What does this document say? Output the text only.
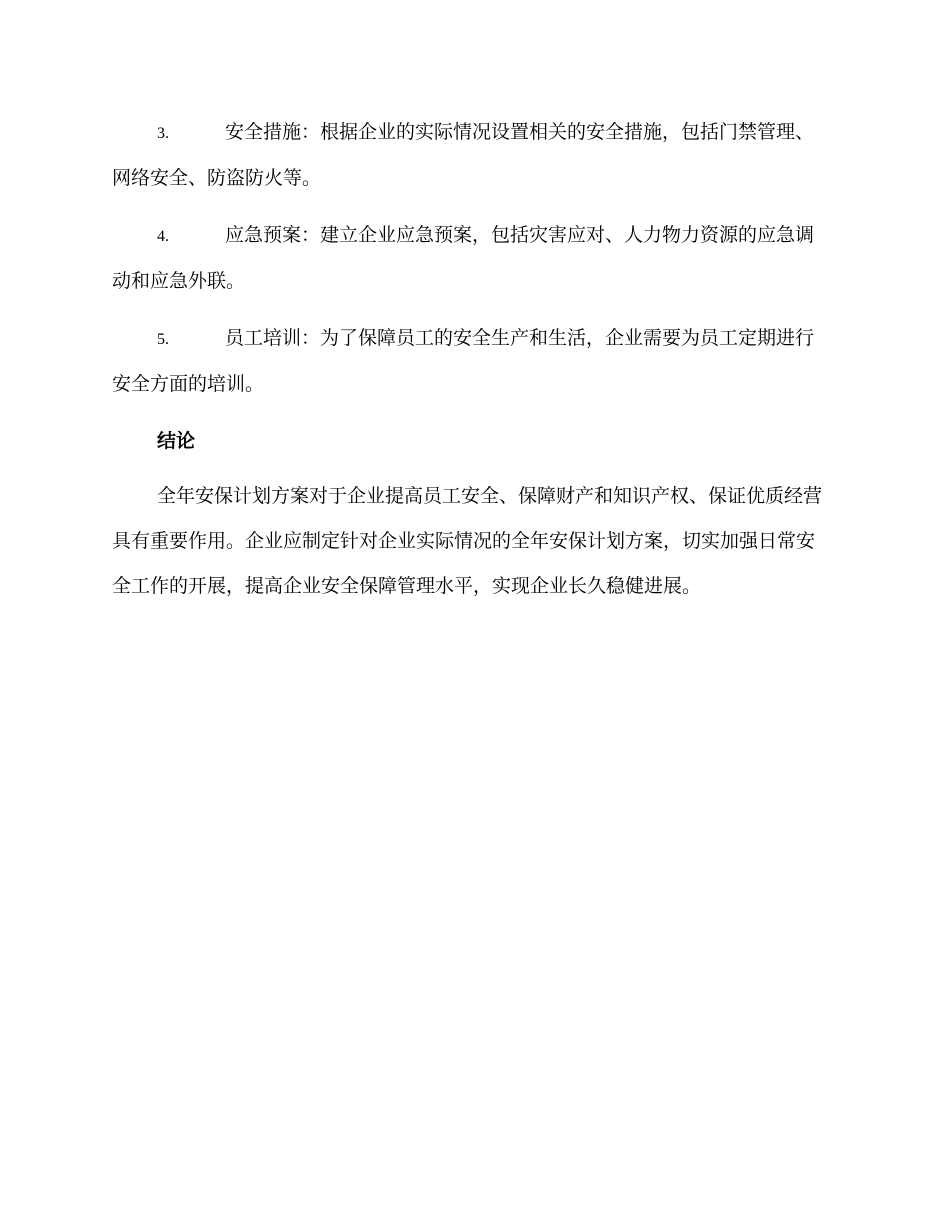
3.	安全措施：根据企业的实际情况设置相关的安全措施，包括门禁管理、网络安全、防盗防火等。

4.	应急预案：建立企业应急预案，包括灾害应对、人力物力资源的应急调动和应急外联。

5.	员工培训：为了保障员工的安全生产和生活，企业需要为员工定期进行安全方面的培训。

结论

全年安保计划方案对于企业提高员工安全、保障财产和知识产权、保证优质经营具有重要作用。企业应制定针对企业实际情况的全年安保计划方案，切实加强日常安全工作的开展，提高企业安全保障管理水平，实现企业长久稳健进展。
